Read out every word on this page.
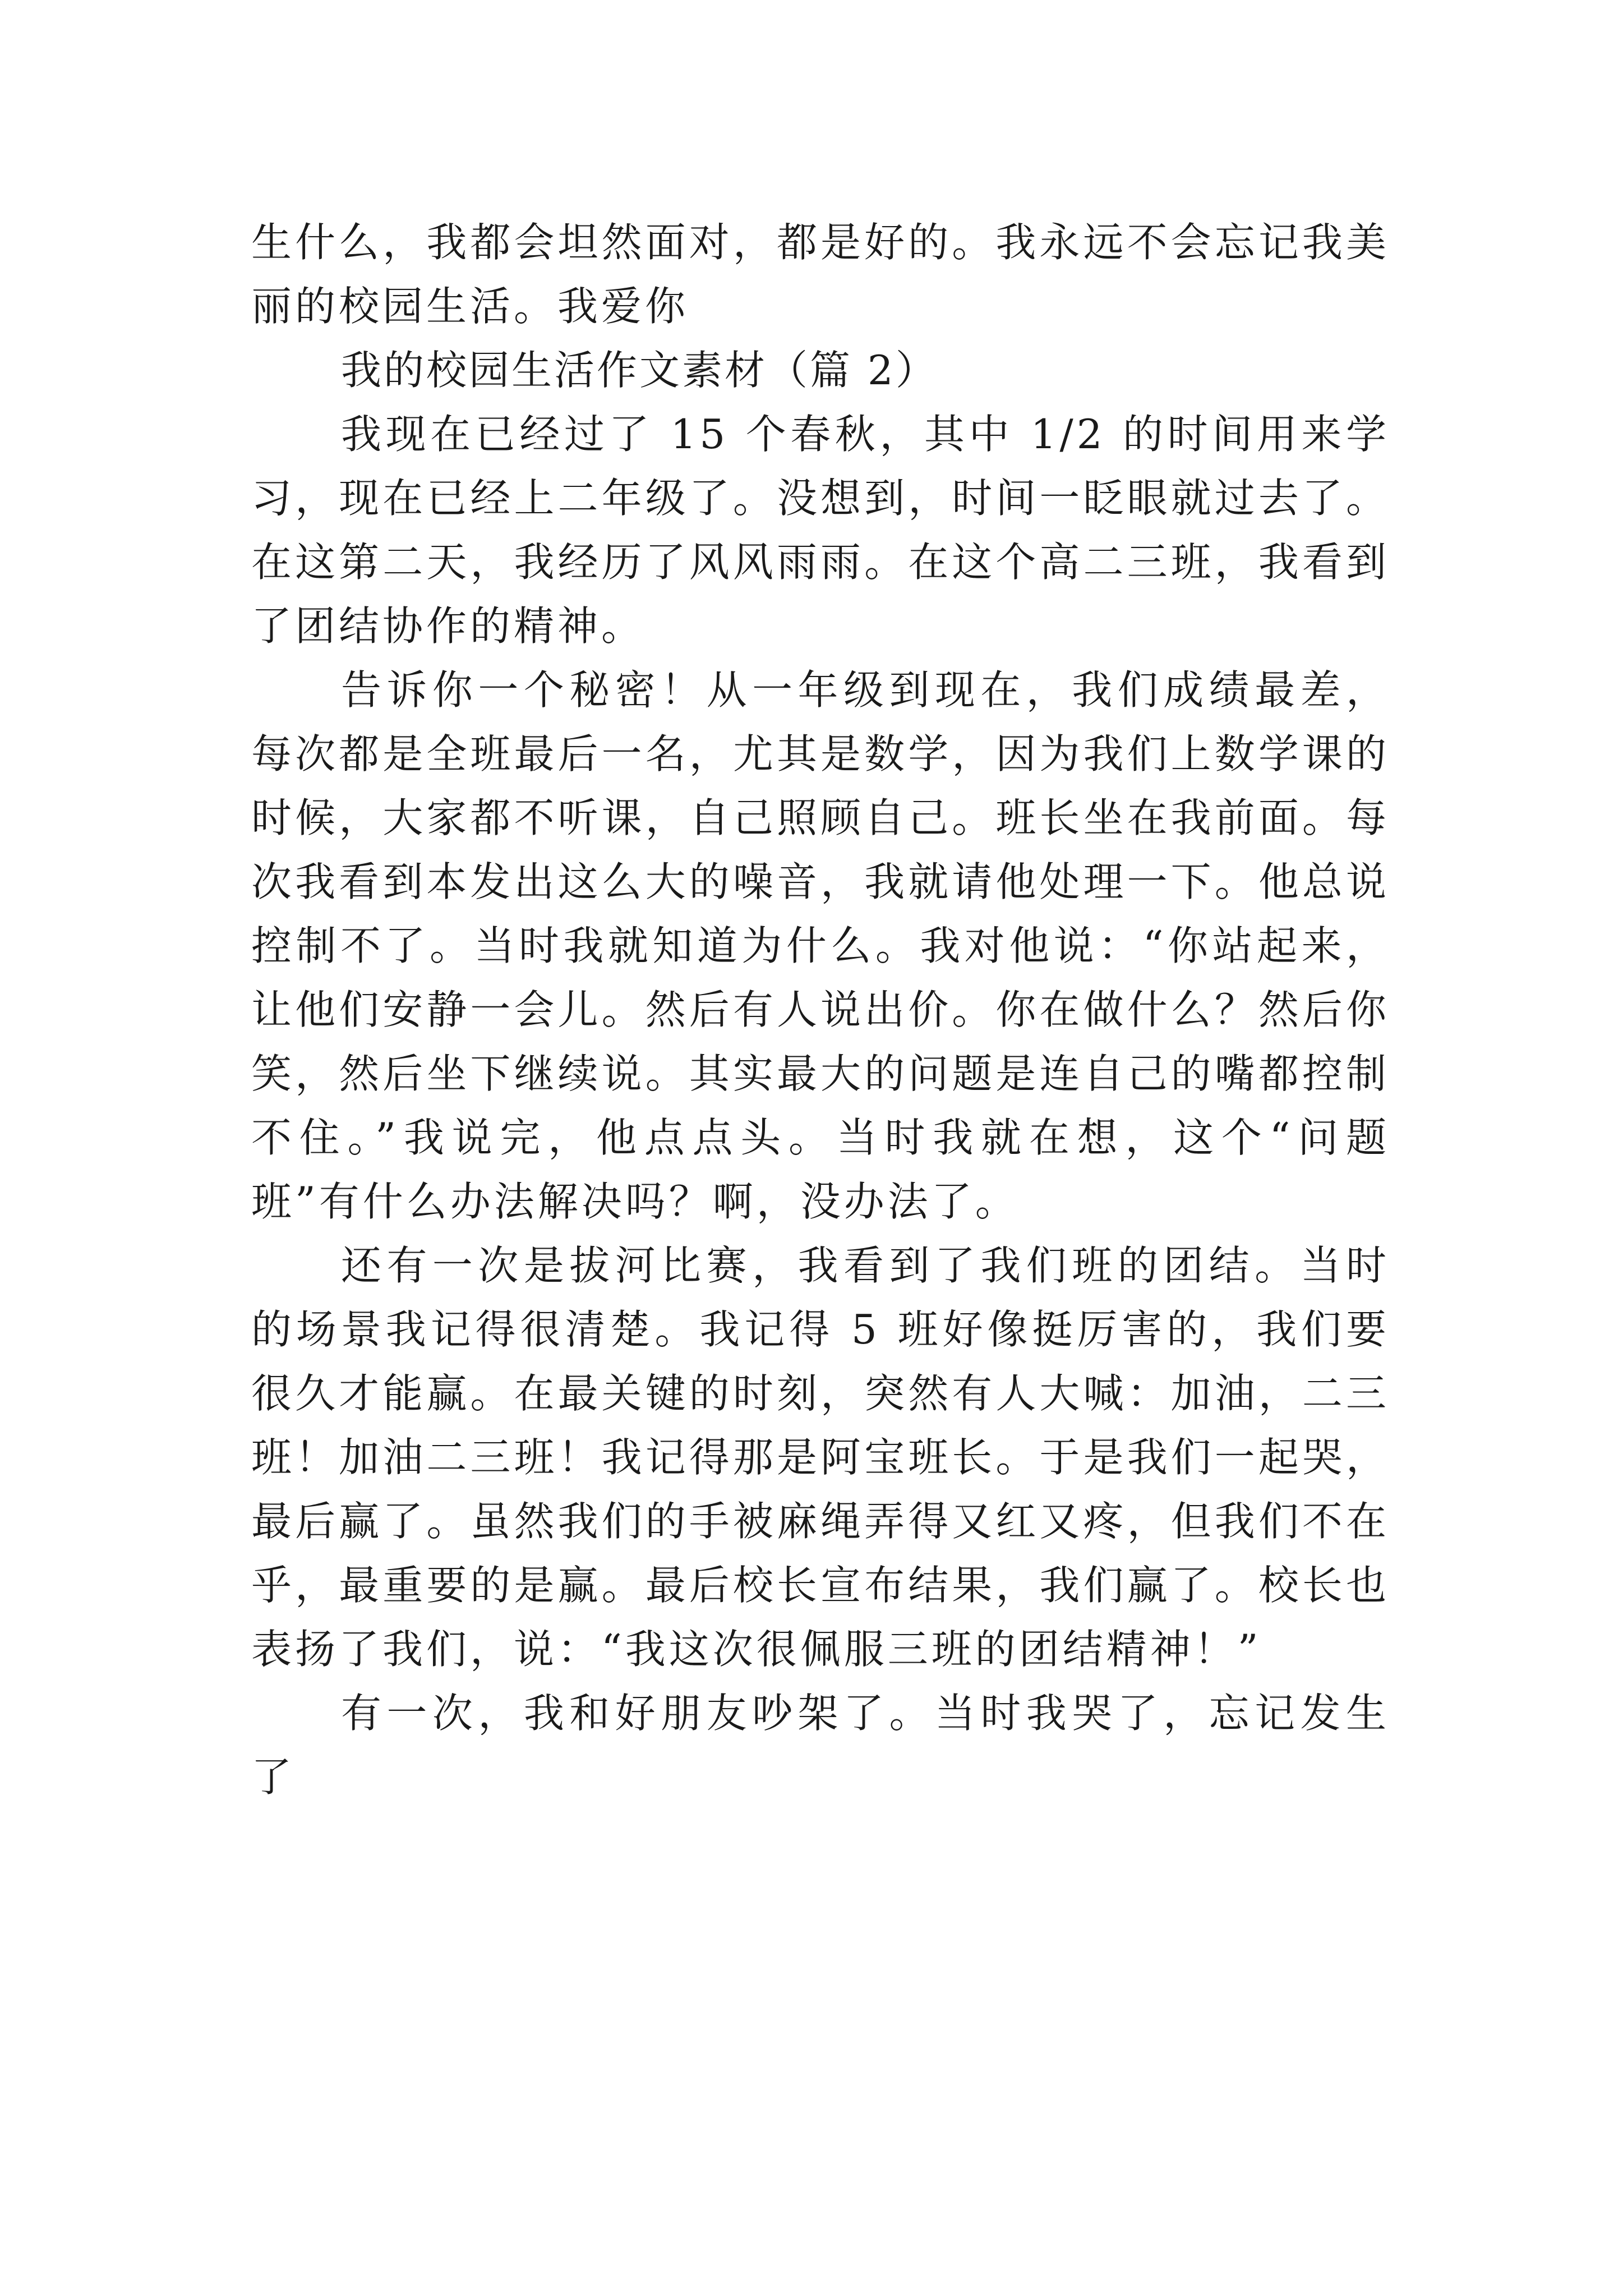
生什么，我都会坦然面对，都是好的。我永远不会忘记我美丽的校园生活。我爱你

我的校园生活作文素材（篇 2）

我现在已经过了 15 个春秋，其中 1/2 的时间用来学习，现在已经上二年级了。没想到，时间一眨眼就过去了。在这第二天，我经历了风风雨雨。在这个高二三班，我看到了团结协作的精神。

告诉你一个秘密！从一年级到现在，我们成绩最差，每次都是全班最后一名，尤其是数学，因为我们上数学课的时候，大家都不听课，自己照顾自己。班长坐在我前面。每次我看到本发出这么大的噪音，我就请他处理一下。他总说控制不了。当时我就知道为什么。我对他说：“你站起来，让他们安静一会儿。然后有人说出价。你在做什么？然后你笑，然后坐下继续说。其实最大的问题是连自己的嘴都控制不住。”我说完，他点点头。当时我就在想，这个“问题班”有什么办法解决吗？啊，没办法了。

还有一次是拔河比赛，我看到了我们班的团结。当时的场景我记得很清楚。我记得 5 班好像挺厉害的，我们要很久才能赢。在最关键的时刻，突然有人大喊：加油，二三班！加油二三班！我记得那是阿宝班长。于是我们一起哭，最后赢了。虽然我们的手被麻绳弄得又红又疼，但我们不在乎，最重要的是赢。最后校长宣布结果，我们赢了。校长也表扬了我们，说：“我这次很佩服三班的团结精神！”

有一次，我和好朋友吵架了。当时我哭了，忘记发生了
